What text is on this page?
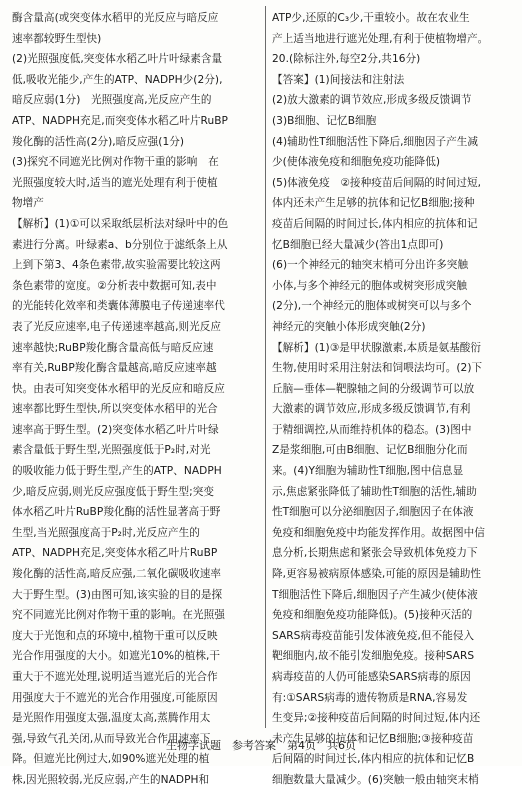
酶含量高(或突变体水稻甲的光反应与暗反应
速率都较野生型快)
(2)光照强度低,突变体水稻乙叶片叶绿素含量
低,吸收光能少,产生的ATP、NADPH少(2分),
暗反应弱(1分)　光照强度高,光反应产生的
ATP、NADPH充足,而突变体水稻乙叶片RuBP
羧化酶的活性高(2分),暗反应强(1分)
(3)探究不同遮光比例对作物干重的影响　在
光照强度较大时,适当的遮光处理有利于使植
物增产
【解析】(1)①可以采取纸层析法对绿叶中的色
素进行分离。叶绿素a、b分别位于滤纸条上从
上到下第3、4条色素带,故实验需要比较这两
条色素带的宽度。②分析表中数据可知,表中
的光能转化效率和类囊体薄膜电子传递速率代
表了光反应速率,电子传递速率越高,则光反应
速率越快;RuBP羧化酶含量高低与暗反应速
率有关,RuBP羧化酶含量越高,暗反应速率越
快。由表可知突变体水稻甲的光反应和暗反应
速率都比野生型快,所以突变体水稻甲的光合
速率高于野生型。(2)突变体水稻乙叶片叶绿
素含量低于野生型,光照强度低于P₂时,对光
的吸收能力低于野生型,产生的ATP、NADPH
少,暗反应弱,则光反应强度低于野生型;突变
体水稻乙叶片RuBP羧化酶的活性显著高于野
生型,当光照强度高于P₂时,光反应产生的
ATP、NADPH充足,突变体水稻乙叶片RuBP
羧化酶的活性高,暗反应强,二氧化碳吸收速率
大于野生型。(3)由图可知,该实验的目的是探
究不同遮光比例对作物干重的影响。在光照强
度大于光饱和点的环境中,植物干重可以反映
光合作用强度的大小。如遮光10%的植株,干
重大于不遮光处理,说明适当遮光后的光合作
用强度大于不遮光的光合作用强度,可能原因
是光照作用强度太强,温度太高,蒸腾作用太
强,导致气孔关闭,从而导致光合作用速率下
降。但遮光比例过大,如90%遮光处理的植
株,因光照较弱,光反应弱,产生的NADPH和
ATP少,还原的C₃少,干重较小。故在农业生
产上适当地进行遮光处理,有利于使植物增产。
20.(除标注外,每空2分,共16分)
【答案】(1)间接法和注射法
(2)放大激素的调节效应,形成多级反馈调节
(3)B细胞、记忆B细胞
(4)辅助性T细胞活性下降后,细胞因子产生减
少(使体液免疫和细胞免疫功能降低)
(5)体液免疫　②接种疫苗后间隔的时间过短,
体内还未产生足够的抗体和记忆B细胞;接种
疫苗后间隔的时间过长,体内相应的抗体和记
忆B细胞已经大量减少(答出1点即可)
(6)一个神经元的轴突末梢可分出许多突触
小体,与多个神经元的胞体或树突形成突触
(2分),一个神经元的胞体或树突可以与多个
神经元的突触小体形成突触(2分)
【解析】(1)③是甲状腺激素,本质是氨基酸衍
生物,使用时采用注射法和饲喂法均可。(2)下
丘脑—垂体—靶腺轴之间的分级调节可以放
大激素的调节效应,形成多级反馈调节,有利
于精细调控,从而维持机体的稳态。(3)图中
Z是浆细胞,可由B细胞、记忆B细胞分化而
来。(4)Y细胞为辅助性T细胞,图中信息显
示,焦虑紧张降低了辅助性T细胞的活性,辅助
性T细胞可以分泌细胞因子,细胞因子在体液
免疫和细胞免疫中均能发挥作用。故据图中信
息分析,长期焦虑和紧张会导致机体免疫力下
降,更容易被病原体感染,可能的原因是辅助性
T细胞活性下降后,细胞因子产生减少(使体液
免疫和细胞免疫功能降低)。(5)接种灭活的
SARS病毒疫苗能引发体液免疫,但不能侵入
靶细胞内,故不能引发细胞免疫。接种SARS
病毒疫苗的人仍可能感染SARS病毒的原因
有:①SARS病毒的遗传物质是RNA,容易发
生变异;②接种疫苗后间隔的时间过短,体内还
未产生足够的抗体和记忆B细胞;③接种疫苗
后间隔的时间过长,体内相应的抗体和记忆B
细胞数量大量减少。(6)突触一般由轴突末梢
生物学试题　参考答案　第4页　共6页
